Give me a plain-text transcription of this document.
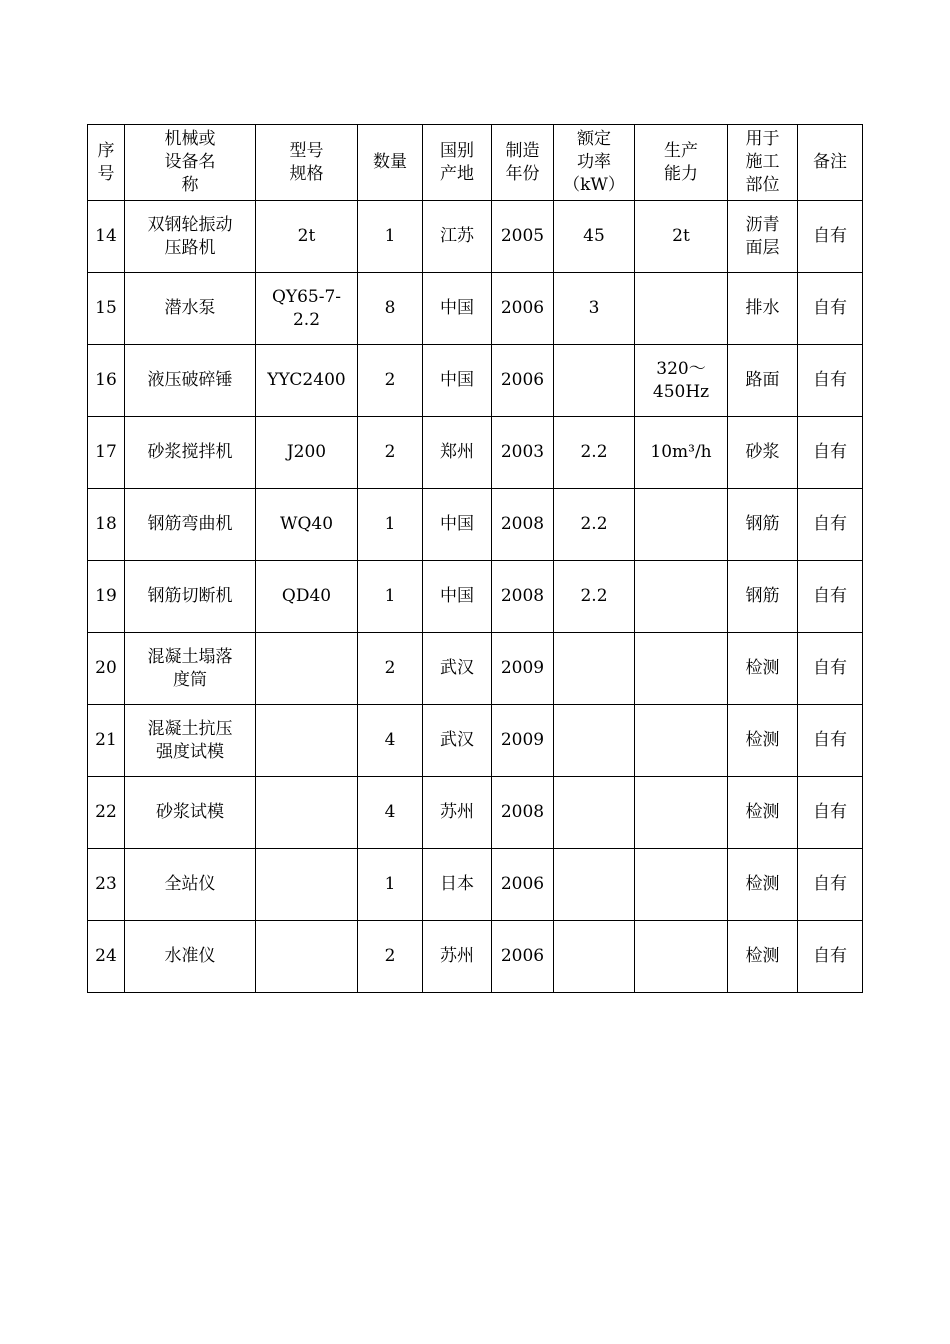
序
号	机械或
设备名
称	型号
规格	数量	国别
产地	制造
年份	额定
功率
（kW）	生产
能力	用于
施工
部位	备注
14	双钢轮振动
压路机	2t	1	江苏	2005	45	2t	沥青
面层	自有
15	潜水泵	QY65-7-
2.2	8	中国	2006	3		排水	自有
16	液压破碎锤	YYC2400	2	中国	2006		320～
450Hz	路面	自有
17	砂浆搅拌机	J200	2	郑州	2003	2.2	10m³/h	砂浆	自有
18	钢筋弯曲机	WQ40	1	中国	2008	2.2		钢筋	自有
19	钢筋切断机	QD40	1	中国	2008	2.2		钢筋	自有
20	混凝土塌落
度筒		2	武汉	2009			检测	自有
21	混凝土抗压
强度试模		4	武汉	2009			检测	自有
22	砂浆试模		4	苏州	2008			检测	自有
23	全站仪		1	日本	2006			检测	自有
24	水准仪		2	苏州	2006			检测	自有
